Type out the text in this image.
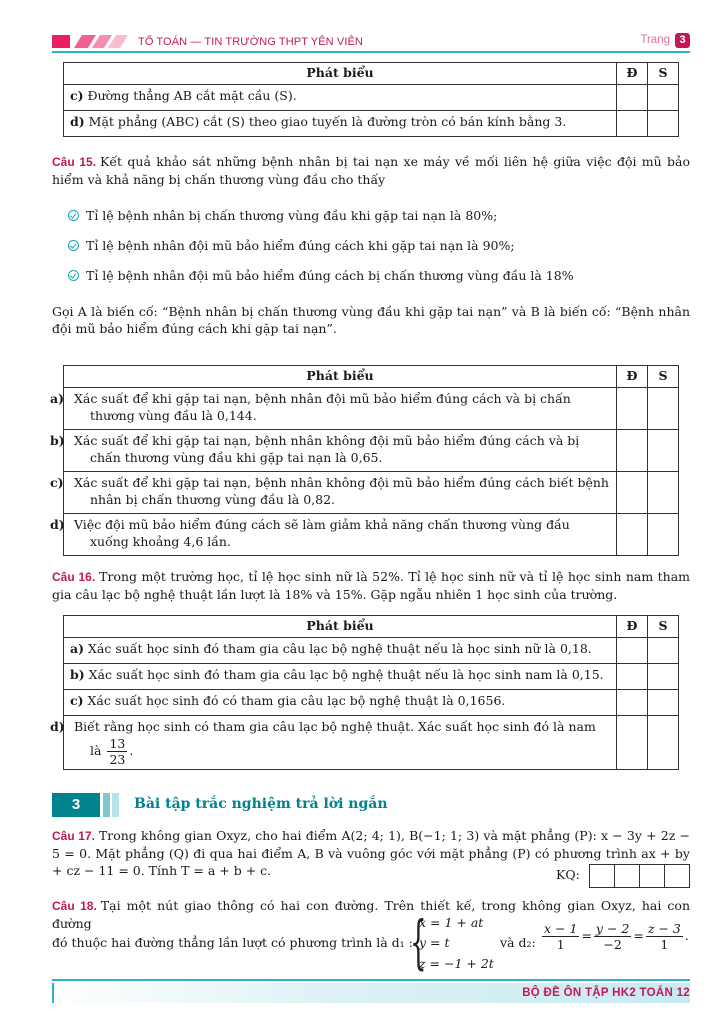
TỔ TOÁN — TIN TRƯỜNG THPT YÊN VIÊN	Trang 3
Phát biểu	Đ	S
c) Đường thẳng AB cắt mặt cầu (S).		
d) Mặt phẳng (ABC) cắt (S) theo giao tuyến là đường tròn có bán kính bằng 3.		
Câu 15. Kết quả khảo sát những bệnh nhân bị tai nạn xe máy về mối liên hệ giữa việc đội mũ bảo hiểm và khả năng bị chấn thương vùng đầu cho thấy
Tỉ lệ bệnh nhân bị chấn thương vùng đầu khi gặp tai nạn là 80%;
Tỉ lệ bệnh nhân đội mũ bảo hiểm đúng cách khi gặp tai nạn là 90%;
Tỉ lệ bệnh nhân đội mũ bảo hiểm đúng cách bị chấn thương vùng đầu là 18%
Gọi A là biến cố: “Bệnh nhân bị chấn thương vùng đầu khi gặp tai nạn” và B là biến cố: “Bệnh nhân đội mũ bảo hiểm đúng cách khi gặp tai nạn”.
Phát biểu	Đ	S

a) Xác suất để khi gặp tai nạn, bệnh nhân đội mũ bảo hiểm đúng cách và bị chấn thương vùng đầu là 0,144.		

b) Xác suất để khi gặp tai nạn, bệnh nhân không đội mũ bảo hiểm đúng cách và bị chấn thương vùng đầu khi gặp tai nạn là 0,65.		

c) Xác suất để khi gặp tai nạn, bệnh nhân không đội mũ bảo hiểm đúng cách biết bệnh nhân bị chấn thương vùng đầu là 0,82.		

d) Việc đội mũ bảo hiểm đúng cách sẽ làm giảm khả năng chấn thương vùng đầu xuống khoảng 4,6 lần.		

Câu 16. Trong một trường học, tỉ lệ học sinh nữ là 52%. Tỉ lệ học sinh nữ và tỉ lệ học sinh nam tham gia câu lạc bộ nghệ thuật lần lượt là 18% và 15%. Gặp ngẫu nhiên 1 học sinh của trường.
Phát biểu	Đ	S
a) Xác suất học sinh đó tham gia câu lạc bộ nghệ thuật nếu là học sinh nữ là 0,18.		
b) Xác suất học sinh đó tham gia câu lạc bộ nghệ thuật nếu là học sinh nam là 0,15.		
c) Xác suất học sinh đó có tham gia câu lạc bộ nghệ thuật là 0,1656.		

d) Biết rằng học sinh có tham gia câu lạc bộ nghệ thuật. Xác suất học sinh đó là nam
là $\frac{13}{23}$ .		

3	Bài tập trắc nghiệm trả lời ngắn
Câu 17. Trong không gian Oxyz, cho hai điểm A(2; 4; 1), B(−1; 1; 3) và mặt phẳng (P): x − 3y + 2z − 5 = 0. Mặt phẳng (Q) đi qua hai điểm A, B và vuông góc với mặt phẳng (P) có phương trình ax + by + cz − 11 = 0. Tính T = a + b + c.	KQ:
Câu 18. Tại một nút giao thông có hai con đường. Trên thiết kế, trong không gian Oxyz, hai con đường
đó thuộc hai đường thẳng lần lượt có phương trình là d₁ :
{
x = 1 + at
y = t
z = −1 + 2t
và d₂: $\frac{x - 1}{1} = \frac{y - 2}{-2} = \frac{z - 3}{1}$ .
BỘ ĐỀ ÔN TẬP HK2 TOÁN 12
